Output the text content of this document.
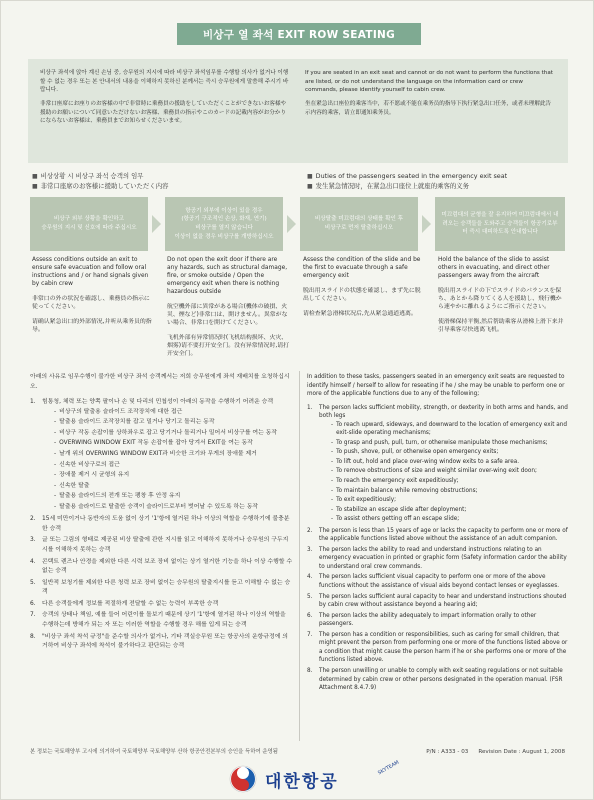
비상구 열 좌석 EXIT ROW SEATING

비상구 좌석에 앉아 계신 손님 중, 승무원의 지시에 따라 비상구 좌석임무를 수행할 의사가 없거나 이행 할 수 없는 경우 또는 본 안내서의 내용을 이해하지 못하신 분께서는 즉시 승무원에게 말씀해 주시기 바랍니다.

非常口座席にお座りのお客様の中で非常時に乗務員の援助をしていただくことができないお客様や援助のお願いについて同意いただけないお客様、乗務員の指示やこのカードの記載内容がお分かりにならないお客様は、乗務員までお知らせくださいませ。

If you are seated in an exit seat and cannot or do not want to perform the functions that are listed, or do not understand the language on the information card or crew commands, please identify yourself to cabin crew.

坐在紧急出口座位的乘客当中，若不愿或不能在乘务员的指导下执行紧急出口任务，或者未理解此告示内容的乘客，请立即通知乘务员。

■ 비상상황 시 비상구 좌석 승객의 임무
■ 非常口座席のお客様に援助していただく内容
■ Duties of the passengers seated in the emergency exit seat
■ 发生紧急情况时，在紧急出口座位上就座的乘客的义务
비상구 외부 상황을 확인하고
승무원의 지시 및 신호에 따라 주십시오
항공기 외부에 이상이 있을 경우
(항공기 구조적인 손상, 화재, 연기)
비상구를 열지 않습니다
이상이 없을 경우 비상구를 개방하십시오
비상탈출 미끄럼대의 상태를 확인 후
비상구로 먼저 탈출하십시오
미끄럼대의 균형을 잘 유지하여 미끄럼대에서 내려오는 승객들을 도와주고 승객들이 항공기로부터 즉시 대피하도록 안내합니다

Assess conditions outside an exit to ensure safe evacuation and follow oral instructions and / or hand signals given by cabin crew

非常口の外の状況を確認し、乗務員の指示に従ってください。

请确认紧急出口的外部情况,并听从乘务员的指导。

Do not open the exit door if there are any hazards, such as structural damage, fire, or smoke outside / Open the emergency exit when there is nothing hazardous outside

航空機外部に異常がある場合(機体の破損、火災、煙など)非常口は、開けません。異常がない場合、非常口を開けてください。

飞机外部有异常情况时(飞机结构损坏、火灾、烟雾)请不要打开安全门。没有异常情况时,请打开安全门。

Assess the condition of the slide and be the first to evacuate through a safe emergency exit

脱出用スライドの状態を確認し、まず先に脱出してください。

请检查紧急滑梯状况后,先从紧急通道逃离。

Hold the balance of the slide to assist others in evacuating, and direct other passengers away from the aircraft

脱出用スライドの下でスライドのバランスを保ち、あとから降りてくる人を援助し、飛行機から速やかに離れるようにご指示ください。

使滑梯保持平衡,然后帮助乘客从滑梯上滑下来并引导乘客尽快逃离飞机。

아래의 사유로 임무수행이 불가한 비상구 좌석 승객께서는 저희 승무원에게 좌석 재배치를 요청하십시오.

1.	힘통청, 체력 또는 양쪽 팔이나 손 및 다리의 민첩성이 아래의 동작을 수행하기 어려운 승객
- 비상구의 탈출용 슬라이드 조작장치에 대한 접근
- 탈출용 슬라이드 조작장치를 잡고 밀거나 당기고 돌리는 동작
- 비상구 작동 손잡이를 상하좌우로 잡고 당기거나 돌리거나 밀어서 비상구를 여는 동작
- OVERWING WINDOW EXIT 작동 손잡이를 잡아 당겨서 EXIT을 여는 동작
- 날개 위의 OVERWING WINDOW EXIT과 비슷한 크기와 무게의 장애물 제거
- 신속한 비상구로의 접근
- 장애물 제거 시 균형의 유지
- 신속한 탈출
- 탈출용 슬라이드의 전개 또는 팽창 후 안정 유지
- 탈출용 슬라이드로 탈출한 승객이 슬라이드로부터 벗어날 수 있도록 하는 동작
2.	15세 미만이거나 동반자의 도움 없이 상기 '1'항에 열거된 하나 이상의 역할을 수행하기에 불충분한 승객
3.	글 또는 그림의 형태로 제공된 비상 탈출에 관한 지시를 읽고 이해하지 못하거나 승무원의 구두지시를 이해하지 못하는 승객
4.	콘택트 렌즈나 안경을 제외한 다른 시력 보조 장비 없이는 상기 열거한 기능을 하나 이상 수행할 수 없는 승객
5.	일반적 보청기를 제외한 다른 청력 보조 장비 없이는 승무원의 탈출지시를 듣고 이해할 수 없는 승객
6.	다른 승객들에게 정보를 적절하게 전달할 수 없는 능력이 부족한 승객
7.	승객의 상태나 책임, 예를 들어 어린이를 돌보기 때문에 상기 '1'항에 열거된 하나 이상의 역할을 수행하는데 방해가 되는 자 또는 이러한 역할을 수행할 경우 해를 입게 되는 승객
8.	"비상구 좌석 착석 규정"을 준수할 의사가 없거나, 기타 객실승무원 또는 항공사의 운항규정에 의거하여 비상구 좌석에 착석이 불가하다고 판단되는 승객

In addition to these tasks, passengers seated in an emergency exit seats are requested to identify himself / herself to allow for reseating if he / she may be unable to perform one or more of the applicable functions due to any of the following;

1.	The person lacks sufficient mobility, strength, or dexterity in both arms and hands, and both legs
- To reach upward, sideways, and downward to the location of emergency exit and exit-slide operating mechanisms;
- To grasp and push, pull, turn, or otherwise manipulate those mechanisms;
- To push, shove, pull, or otherwise open emergency exits;
- To lift out, hold and place over-wing window exits to a safe area.
- To remove obstructions of size and weight similar over-wing exit doon;
- To reach the emergency exit expeditiously;
- To maintain balance while removing obstructions;
- To exit expeditiously;
- To stabilize an escape slide after deployment;
- To assist others getting off an escape slide;
2.	The person is less than 15 years of age or lacks the capacity to perform one or more of the applicable functions listed above without the assistance of an adult companion.
3.	The person lacks the ability to read and understand instructions relating to an emergency evacuation in printed or graphic form (Safety information cardor the ability to understand oral crew commands.
4.	The person lacks sufficient visual capacity to perform one or more of the above functions without the assistance of visual aids beyond contact lenses or eyeglasses.
5.	The person lacks sufficient aural capacity to hear and understand instructions shouted by cabin crew without assistance beyond a hearing aid;
6.	The person lacks the ability adequately to impart information orally to other passengers.
7.	The person has a condition or responsibilities, such as caring for small children, that might prevent the person from performing one or more of the functions listed above or a condition that might cause the person harm if he or she performs one or more of the functions listed above.
8.	The person unwilling or unable to comply with exit seating regulations or not suitable determined by cabin crew or other persons designated in the operation manual. (FSR Attachment 8.4.7.9)
본 정보는 국토해양부 고시에 의거하여 국토해양부 국토해양부 산하 항공안전본부의 승인을 득하여 운영됨	P/N : A333 - 03 Revision Date : August 1, 2008
대한항공
SKYTEAM
